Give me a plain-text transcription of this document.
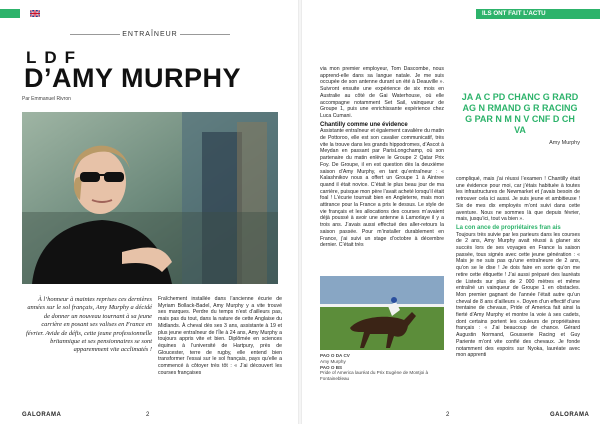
ENTRAÎNEUR
LDF
D’AMY MURPHY
Par Emmanuel Rivron
À l’honneur à maintes reprises ces dernières années sur le sol français, Amy Murphy a décidé de donner un nouveau tournant à sa jeune carrière en posant ses valises en France en février. Avide de défis, cette jeune professionnelle britannique et ses pensionnaires se sont apparemment vite acclimatés !

Fraîchement installée dans l’ancienne écurie de Myriam Bollack-Badel, Amy Murphy y a vite trouvé ses marques. Perdre du temps n’est d’ailleurs pas, mais pas du tout, dans la nature de cette Anglaise du Midlands. À cheval dès ses 3 ans, assistante à 19 et plus jeune entraîneur de l’Île à 24 ans, Amy Murphy a toujours appris vite et bien. Diplômée en sciences équines à l’université de Hartpury, près de Gloucester, terre de rugby, elle entend bien transformer l’essai sur le sol français, pays qu’elle a commencé à côtoyer très tôt : « J’ai découvert les courses françaises

GALORAMA	2

via mon premier employeur, Tom Dascombe, nous apprend-elle dans sa langue natale. Je me suis occupée de son antenne durant un été à Deauville ». Suivront ensuite une expérience de six mois en Australie au côté de Gai Waterhouse, où elle accompagne notamment Set Sail, vainqueur de Groupe 1, puis une enrichissante expérience chez Luca Cumani.

Chantilly comme une évidence

Assistante entraîneur et également cavalière du matin de Pottoroo, elle est son cavalier communicatif, très vite la trouve dans les grands hippodromes, d’Ascot à Meydan en passant par ParisLongchamp, où son partenaire du matin enlève le Groupe 2 Qatar Prix Foy. De Groupe, il en est question dès la deuxième saison d’Amy Murphy, en tant qu’entraîneur : « Kalashnikov nous a offert un Groupe 1 à Aintree quand il était novice. C’était le plus beau jour de ma carrière, puisque mon père l’avait acheté lorsqu’il était foal ! L’écurie tournait bien en Angleterre, mais mon attirance pour la France a pris le dessus. Le style de vie français et les allocations des courses m’avaient déjà poussé à avoir une antenne à Lamorlaye il y a trois ans. J’avais aussi effectué des aller-retours la saison passée. Pour m’installer durablement en France, j’ai suivi un stage d’octobre à décembre dernier. C’était très

ILS ONT FAIT L’ACTU
JA A C PD CHANC G RARD AG N RMAND G R RACING G PAR N M N V CNF D CH VA
Amy Murphy
PAO O DA CV
Amy Murphy
PAO O BS
Pride of America lauréat du Prix Eugène de Montjoi à Fontainebleau

compliqué, mais j’ai réussi l’examen ! Chantilly était une évidence pour moi, car j’étais habituée à toutes les infrastructures de Newmarket et j’avais besoin de retrouver cela ici aussi. Je suis jeune et ambitieuse ! Six de mes dix employés m’ont suivi dans cette aventure. Nous ne sommes là que depuis février, mais, jusqu’ici, tout va bien ».

La con ance de propriétaires fran ais

Toujours très suivie par les parieurs dans les courses de 2 ans, Amy Murphy avait réussi à glaner six succès lors de ses voyages en France la saison passée, tous signés avec cette jeune génération : « Mais je ne suis pas qu’une entraîneure de 2 ans, qu’on se le dise ! Je dois faire en sorte qu’on me retire cette étiquette ! J’ai aussi préparé des lauréats de Listeds sur plus de 2 000 mètres et même entraîné un vainqueur de Groupe 1 en obstacles. Mon premier gagnant de l’année l’était autre qu’un cheval de 8 ans d’ailleurs ». Doyen d’un effectif d’une trentaine de chevaux, Pride of America fait ainsi la fierté d’Amy Murphy et montre la voie à ses cadets, dont certains portent les couleurs de propriétaires français : « J’ai beaucoup de chance. Gérard Augustin Normand, Gousserie Racing et Guy Pariente m’ont vite confié des chevaux. Je fonde notamment des espoirs sur Nyoka, lauréate avec mon apprenti

2	GALORAMA
